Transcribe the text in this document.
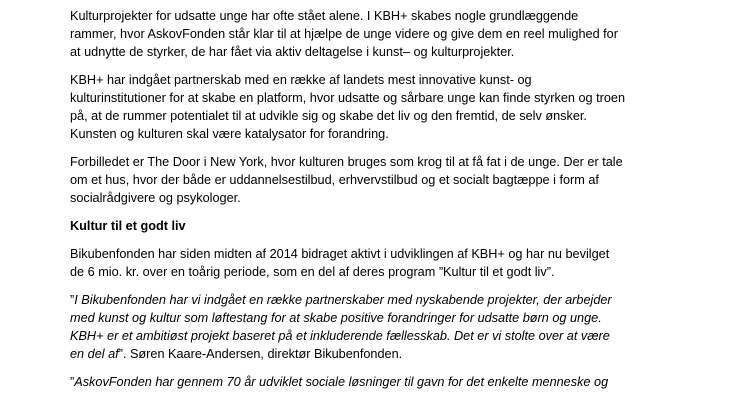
Kulturprojekter for udsatte unge har ofte stået alene. I KBH+ skabes nogle grundlæggende
rammer, hvor AskovFonden står klar til at hjælpe de unge videre og give dem en reel mulighed for
at udnytte de styrker, de har fået via aktiv deltagelse i kunst– og kulturprojekter.
KBH+ har indgået partnerskab med en række af landets mest innovative kunst- og
kulturinstitutioner for at skabe en platform, hvor udsatte og sårbare unge kan finde styrken og troen
på, at de rummer potentialet til at udvikle sig og skabe det liv og den fremtid, de selv ønsker.
Kunsten og kulturen skal være katalysator for forandring.
Forbilledet er The Door i New York, hvor kulturen bruges som krog til at få fat i de unge. Der er tale
om et hus, hvor der både er uddannelsestilbud, erhvervstilbud og et socialt bagtæppe i form af
socialrådgivere og psykologer.
Kultur til et godt liv
Bikubenfonden har siden midten af 2014 bidraget aktivt i udviklingen af KBH+ og har nu bevilget
de 6 mio. kr. over en toårig periode, som en del af deres program ”Kultur til et godt liv”.
”I Bikubenfonden har vi indgået en række partnerskaber med nyskabende projekter, der arbejder
med kunst og kultur som løftestang for at skabe positive forandringer for udsatte børn og unge.
KBH+ er et ambitiøst projekt baseret på et inkluderende fællesskab. Det er vi stolte over at være
en del af”. Søren Kaare-Andersen, direktør Bikubenfonden.
”AskovFonden har gennem 70 år udviklet sociale løsninger til gavn for det enkelte menneske og
